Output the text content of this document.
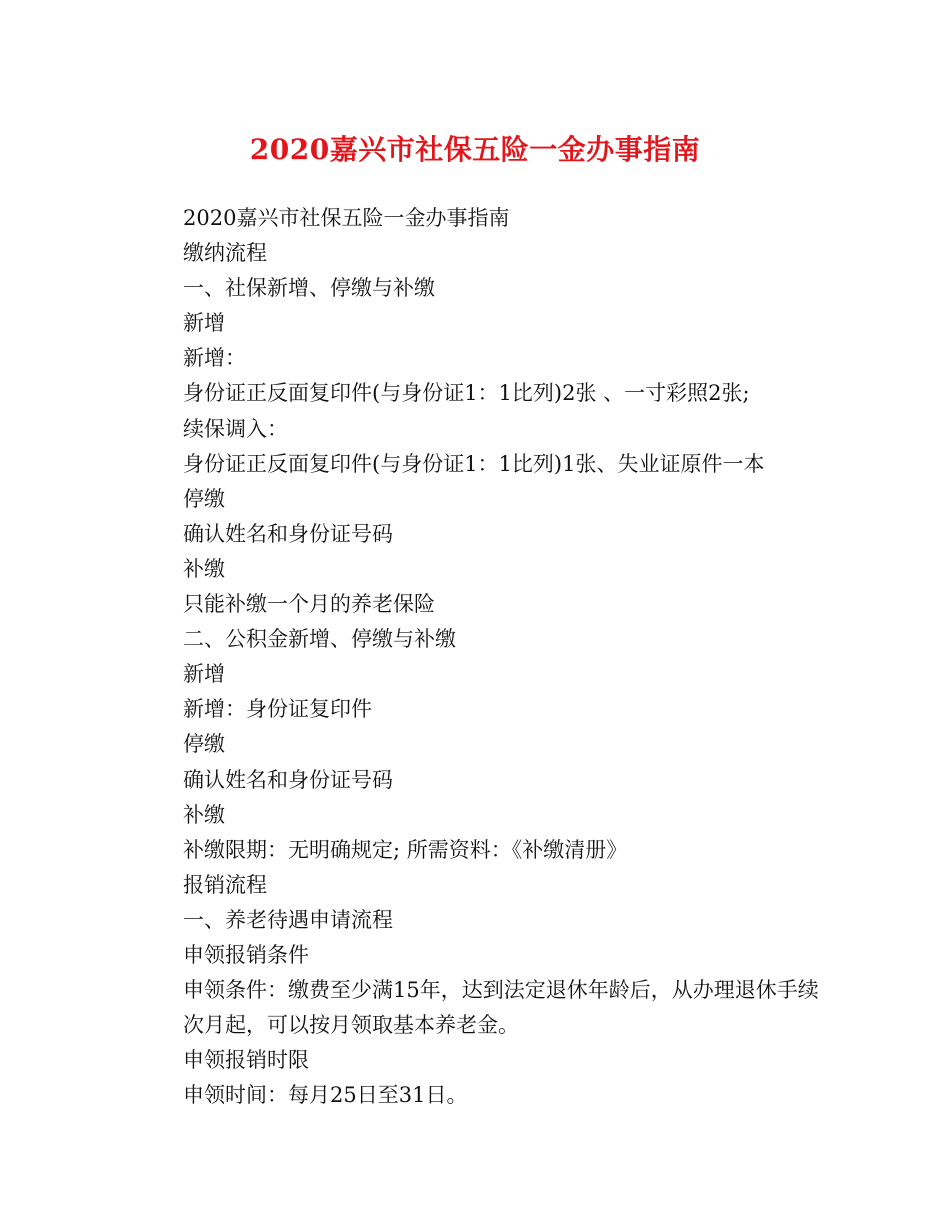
2020嘉兴市社保五险一金办事指南
2020嘉兴市社保五险一金办事指南
缴纳流程
一、社保新增、停缴与补缴
新增
新增：
身份证正反面复印件(与身份证1：1比列)2张 、一寸彩照2张;
续保调入：
身份证正反面复印件(与身份证1：1比列)1张、失业证原件一本
停缴
确认姓名和身份证号码
补缴
只能补缴一个月的养老保险
二、公积金新增、停缴与补缴
新增
新增：身份证复印件
停缴
确认姓名和身份证号码
补缴
补缴限期：无明确规定; 所需资料：《补缴清册》
报销流程
一、养老待遇申请流程
申领报销条件
申领条件：缴费至少满15年，达到法定退休年龄后，从办理退休手续次月起，可以按月领取基本养老金。
申领报销时限
申领时间：每月25日至31日。
